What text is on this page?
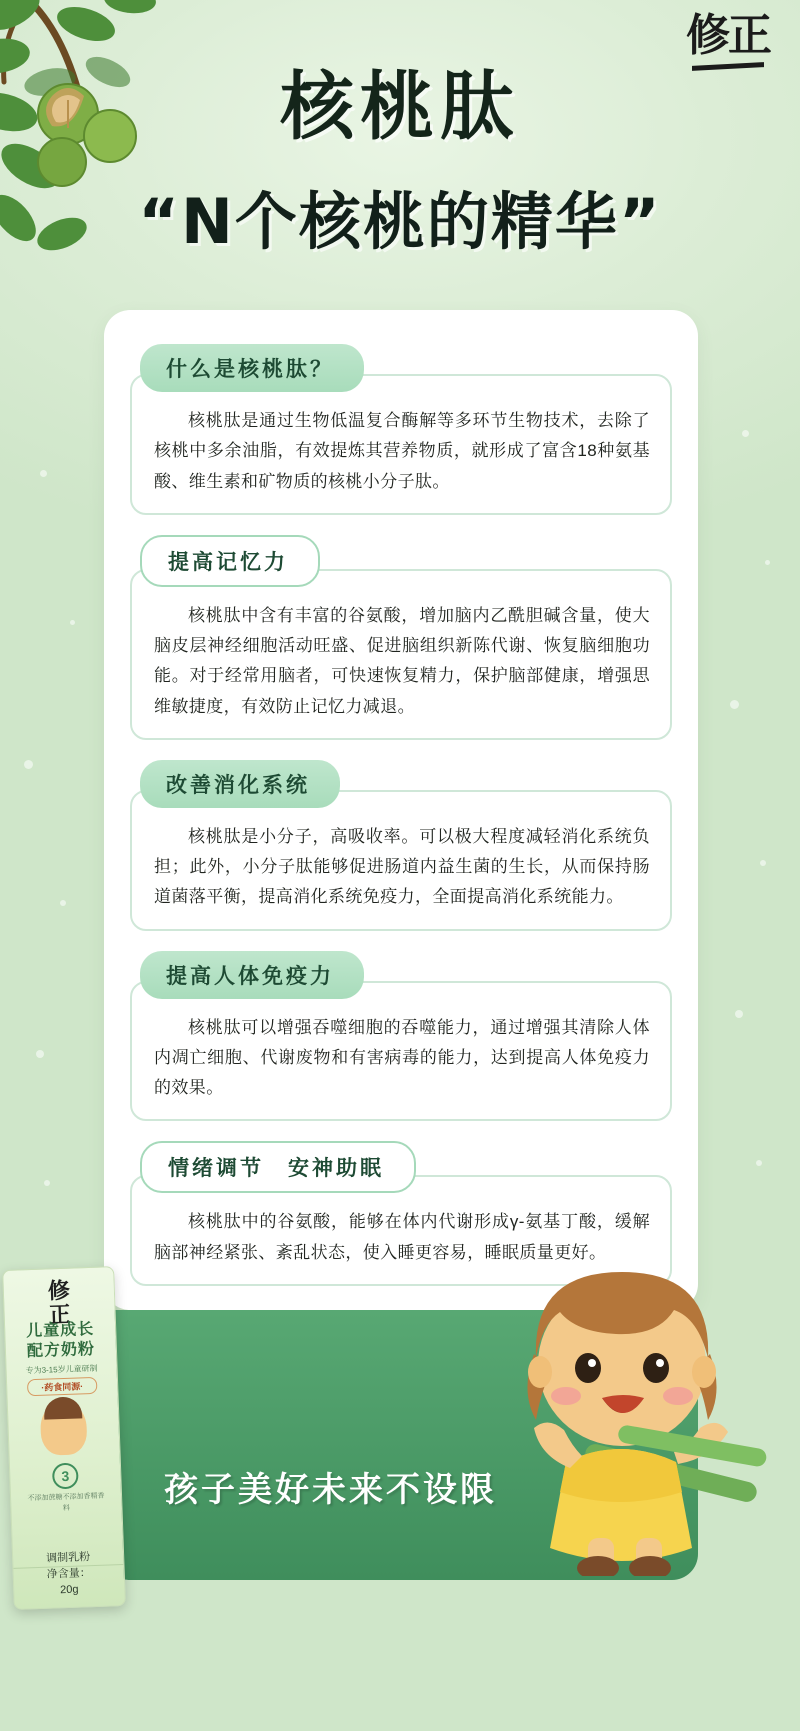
修正
核桃肽
“N个核桃的精华”
什么是核桃肽？

核桃肽是通过生物低温复合酶解等多环节生物技术，去除了核桃中多余油脂，有效提炼其营养物质，就形成了富含18种氨基酸、维生素和矿物质的核桃小分子肽。

提高记忆力

核桃肽中含有丰富的谷氨酸，增加脑内乙酰胆碱含量，使大脑皮层神经细胞活动旺盛、促进脑组织新陈代谢、恢复脑细胞功能。对于经常用脑者，可快速恢复精力，保护脑部健康，增强思维敏捷度，有效防止记忆力减退。

改善消化系统

核桃肽是小分子，高吸收率。可以极大程度减轻消化系统负担；此外，小分子肽能够促进肠道内益生菌的生长，从而保持肠道菌落平衡，提高消化系统免疫力，全面提高消化系统能力。

提高人体免疫力

核桃肽可以增强吞噬细胞的吞噬能力，通过增强其清除人体内凋亡细胞、代谢废物和有害病毒的能力，达到提高人体免疫力的效果。

情绪调节　安神助眠

核桃肽中的谷氨酸，能够在体内代谢形成γ-氨基丁酸，缓解脑部神经紧张、紊乱状态，使入睡更容易，睡眠质量更好。

孩子美好未来不设限
修正
儿童成长
配方奶粉
专为3-15岁儿童研制
·药食同源·
3
不添加蔗糖不添加香精香料
调制乳粉
净含量：
20g
